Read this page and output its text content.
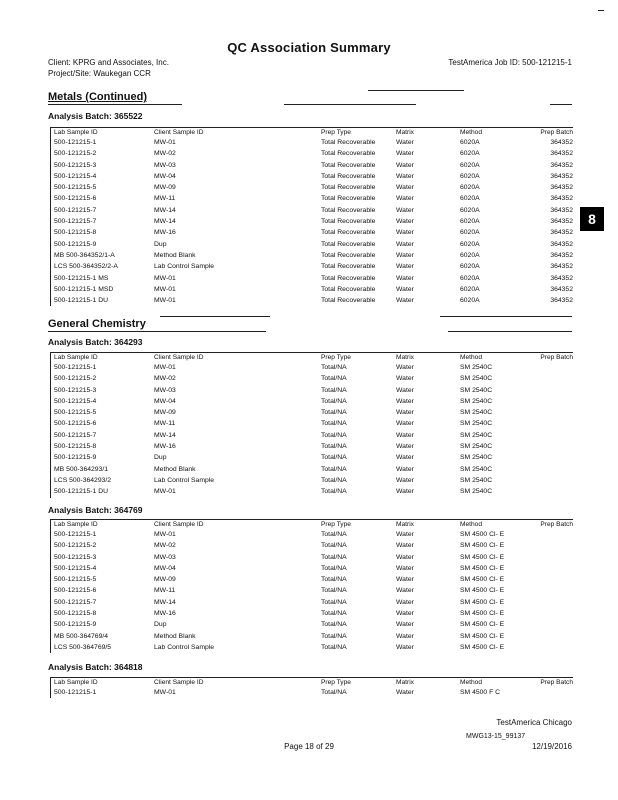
QC Association Summary
Client: KPRG and Associates, Inc.
Project/Site: Waukegan CCR
TestAmerica Job ID: 500-121215-1
Metals (Continued)
Analysis Batch: 365522
Lab Sample ID	Client Sample ID	Prep Type	Matrix	Method	Prep Batch
500-121215-1	MW-01	Total Recoverable	Water	6020A	364352
500-121215-2	MW-02	Total Recoverable	Water	6020A	364352
500-121215-3	MW-03	Total Recoverable	Water	6020A	364352
500-121215-4	MW-04	Total Recoverable	Water	6020A	364352
500-121215-5	MW-09	Total Recoverable	Water	6020A	364352
500-121215-6	MW-11	Total Recoverable	Water	6020A	364352
500-121215-7	MW-14	Total Recoverable	Water	6020A	364352
500-121215-7	MW-14	Total Recoverable	Water	6020A	364352
500-121215-8	MW-16	Total Recoverable	Water	6020A	364352
500-121215-9	Dup	Total Recoverable	Water	6020A	364352
MB 500-364352/1-A	Method Blank	Total Recoverable	Water	6020A	364352
LCS 500-364352/2-A	Lab Control Sample	Total Recoverable	Water	6020A	364352
500-121215-1 MS	MW-01	Total Recoverable	Water	6020A	364352
500-121215-1 MSD	MW-01	Total Recoverable	Water	6020A	364352
500-121215-1 DU	MW-01	Total Recoverable	Water	6020A	364352
General Chemistry
Analysis Batch: 364293
Lab Sample ID	Client Sample ID	Prep Type	Matrix	Method	Prep Batch
500-121215-1	MW-01	Total/NA	Water	SM 2540C
500-121215-2	MW-02	Total/NA	Water	SM 2540C
500-121215-3	MW-03	Total/NA	Water	SM 2540C
500-121215-4	MW-04	Total/NA	Water	SM 2540C
500-121215-5	MW-09	Total/NA	Water	SM 2540C
500-121215-6	MW-11	Total/NA	Water	SM 2540C
500-121215-7	MW-14	Total/NA	Water	SM 2540C
500-121215-8	MW-16	Total/NA	Water	SM 2540C
500-121215-9	Dup	Total/NA	Water	SM 2540C
MB 500-364293/1	Method Blank	Total/NA	Water	SM 2540C
LCS 500-364293/2	Lab Control Sample	Total/NA	Water	SM 2540C
500-121215-1 DU	MW-01	Total/NA	Water	SM 2540C
Analysis Batch: 364769
Lab Sample ID	Client Sample ID	Prep Type	Matrix	Method	Prep Batch
500-121215-1	MW-01	Total/NA	Water	SM 4500 Cl- E
500-121215-2	MW-02	Total/NA	Water	SM 4500 Cl- E
500-121215-3	MW-03	Total/NA	Water	SM 4500 Cl- E
500-121215-4	MW-04	Total/NA	Water	SM 4500 Cl- E
500-121215-5	MW-09	Total/NA	Water	SM 4500 Cl- E
500-121215-6	MW-11	Total/NA	Water	SM 4500 Cl- E
500-121215-7	MW-14	Total/NA	Water	SM 4500 Cl- E
500-121215-8	MW-16	Total/NA	Water	SM 4500 Cl- E
500-121215-9	Dup	Total/NA	Water	SM 4500 Cl- E
MB 500-364769/4	Method Blank	Total/NA	Water	SM 4500 Cl- E
LCS 500-364769/5	Lab Control Sample	Total/NA	Water	SM 4500 Cl- E
Analysis Batch: 364818
Lab Sample ID	Client Sample ID	Prep Type	Matrix	Method	Prep Batch
500-121215-1	MW-01	Total/NA	Water	SM 4500 F C
8
TestAmerica Chicago
MWG13-15_99137
Page 18 of 29	12/19/2016
